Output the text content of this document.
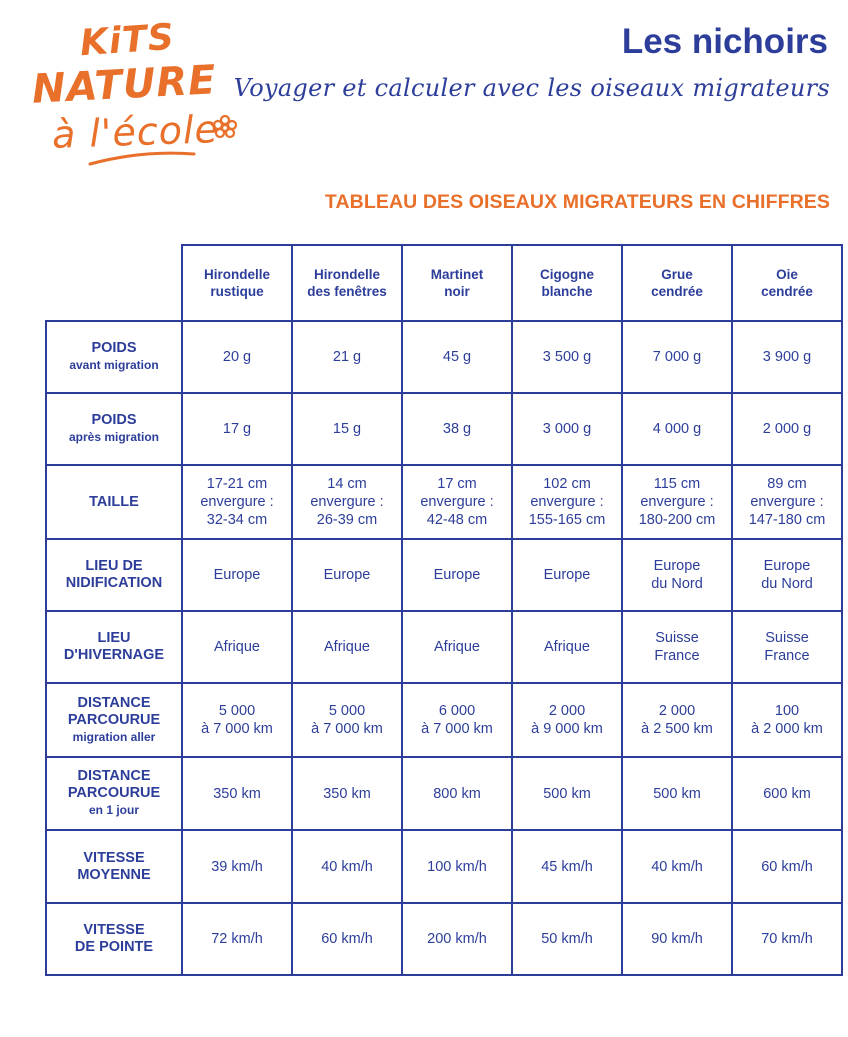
KiTS
NATURE
à l'école
Les nichoirs

Voyager et calculer avec les oiseaux migrateurs

TABLEAU DES OISEAUX MIGRATEURS EN CHIFFRES

	Hirondelle
rustique	Hirondelle
des fenêtres	Martinet
noir	Cigogne
blanche	Grue
cendrée	Oie
cendrée

POIDS
avant migration	20 g	21 g	45 g	3 500 g	7 000 g	3 900 g

POIDS
après migration	17 g	15 g	38 g	3 000 g	4 000 g	2 000 g

TAILLE	17-21 cm
envergure :
32-34 cm	14 cm
envergure :
26-39 cm	17 cm
envergure :
42-48 cm	102 cm
envergure :
155-165 cm	115 cm
envergure :
180-200 cm	89 cm
envergure :
147-180 cm

LIEU DE
NIDIFICATION	Europe	Europe	Europe	Europe	Europe
du Nord	Europe
du Nord

LIEU
D'HIVERNAGE	Afrique	Afrique	Afrique	Afrique	Suisse
France	Suisse
France

DISTANCE
PARCOURUE
migration aller	5 000
à 7 000 km	5 000
à 7 000 km	6 000
à 7 000 km	2 000
à 9 000 km	2 000
à 2 500 km	100
à 2 000 km

DISTANCE
PARCOURUE
en 1 jour	350 km	350 km	800 km	500 km	500 km	600 km

VITESSE
MOYENNE	39 km/h	40 km/h	100 km/h	45 km/h	40 km/h	60 km/h

VITESSE
DE POINTE	72 km/h	60 km/h	200 km/h	50 km/h	90 km/h	70 km/h
